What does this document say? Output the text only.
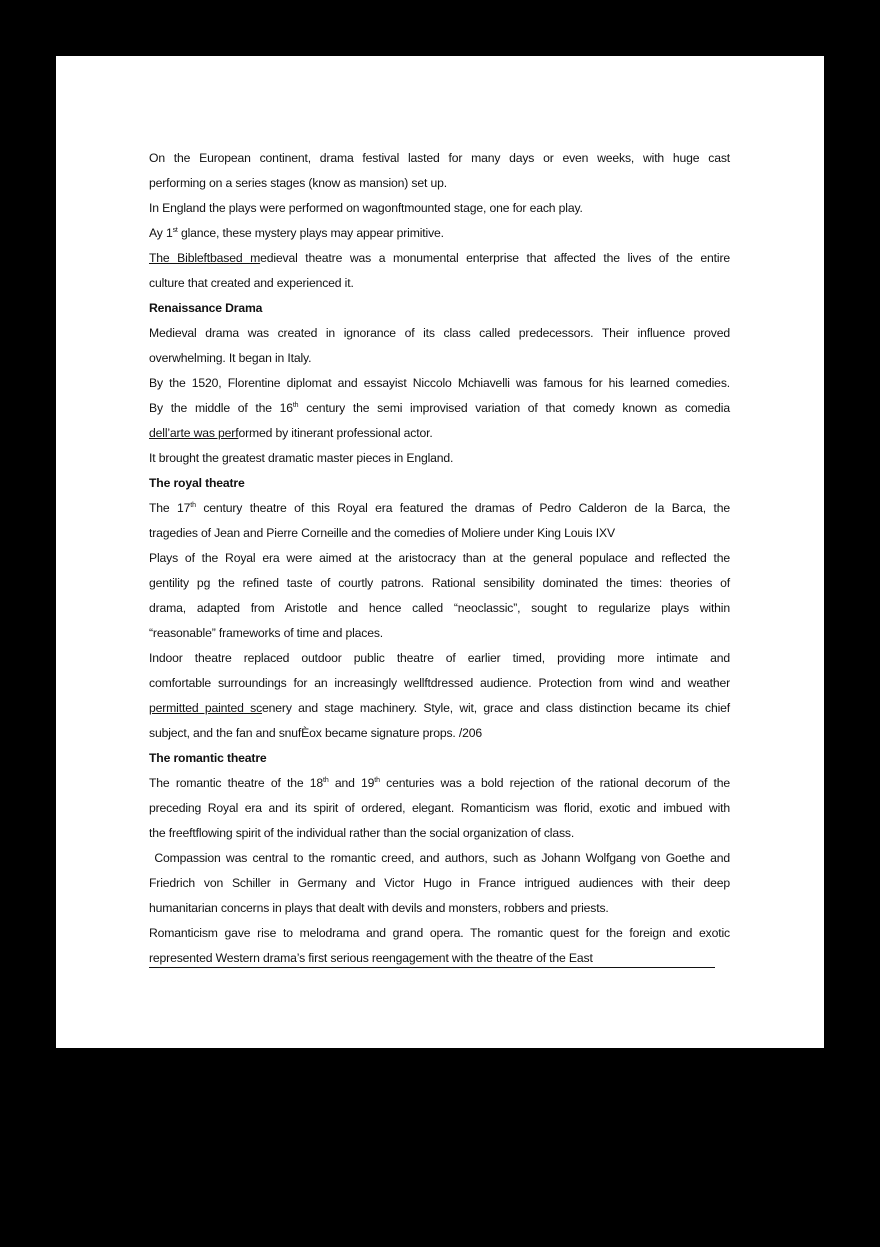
On the European continent, drama festival lasted for many days or even weeks, with huge cast
performing on a series stages (know as mansion) set up.
In England the plays were performed on wagonftmounted stage, one for each play.
Ay 1st glance, these mystery plays may appear primitive.
The Bibleftbased medieval theatre was a monumental enterprise that affected the lives of the entire
culture that created and experienced it.
Renaissance Drama
Medieval drama was created in ignorance of its class called predecessors. Their influence proved
overwhelming. It began in Italy.
By the 1520, Florentine diplomat and essayist Niccolo Mchiavelli was famous for his learned comedies.
By the middle of the 16th century the semi improvised variation of that comedy known as comedia
dell’arte was performed by itinerant professional actor.
It brought the greatest dramatic master pieces in England.
The royal theatre
The 17th century theatre of this Royal era featured the dramas of Pedro Calderon de la Barca, the
tragedies of Jean and Pierre Corneille and the comedies of Moliere under King Louis IXV
Plays of the Royal era were aimed at the aristocracy than at the general populace and reflected the
gentility pg the refined taste of courtly patrons. Rational sensibility dominated the times: theories of
drama, adapted from Aristotle and hence called “neoclassic”, sought to regularize plays within
“reasonable” frameworks of time and places.
Indoor theatre replaced outdoor public theatre of earlier timed, providing more intimate and
comfortable surroundings for an increasingly wellftdressed audience. Protection from wind and weather
permitted painted scenery and stage machinery. Style, wit, grace and class distinction became its chief
subject, and the fan and snufÈox became signature props. /206
The romantic theatre
The romantic theatre of the 18th and 19th centuries was a bold rejection of the rational decorum of the
preceding Royal era and its spirit of ordered, elegant. Romanticism was florid, exotic and imbued with
the freeftflowing spirit of the individual rather than the social organization of class.
Compassion was central to the romantic creed, and authors, such as Johann Wolfgang von Goethe and
Friedrich von Schiller in Germany and Victor Hugo in France intrigued audiences with their deep
humanitarian concerns in plays that dealt with devils and monsters, robbers and priests.
Romanticism gave rise to melodrama and grand opera. The romantic quest for the foreign and exotic
represented Western drama’s first serious reengagement with the theatre of the East
